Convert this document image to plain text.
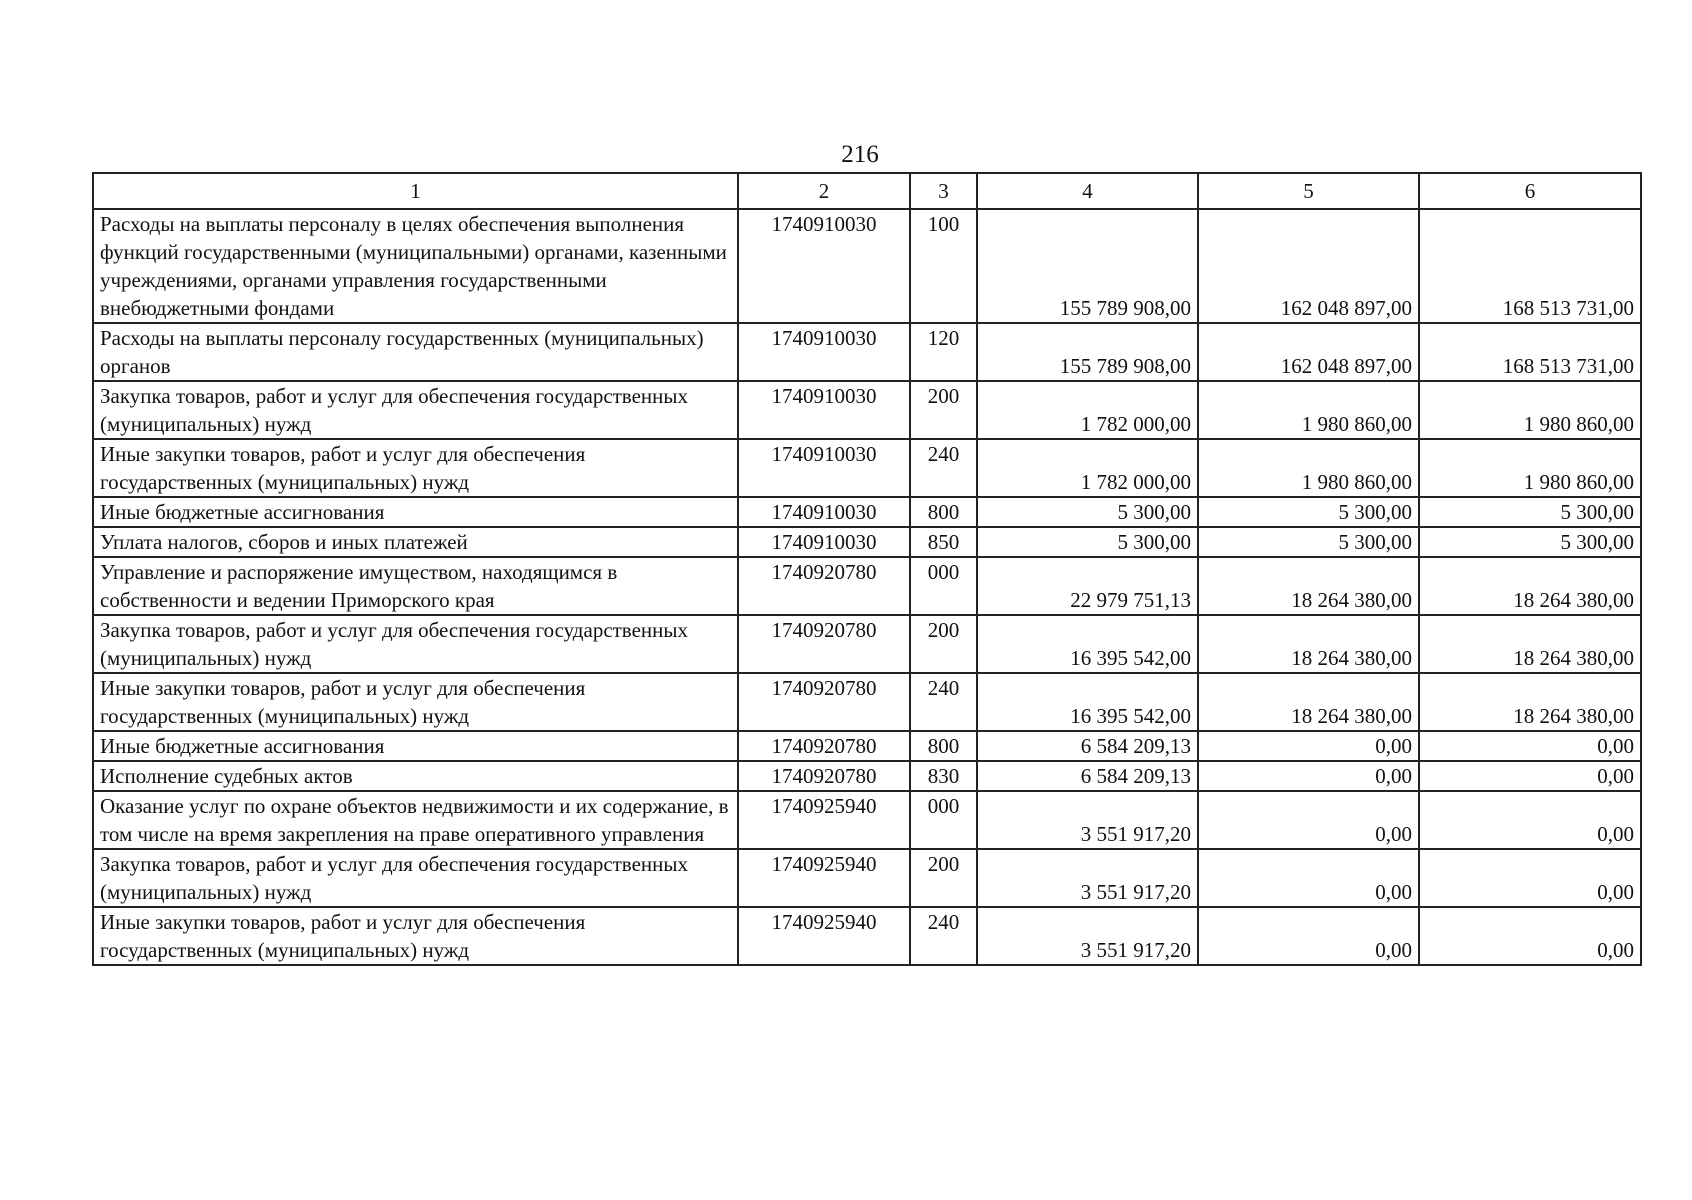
216
1	2	3	4	5	6
Расходы на выплаты персоналу в целях обеспечения выполнения функций государственными (муниципальными) органами, казенными учреждениями, органами управления государственными внебюджетными фондами	1740910030	100	155 789 908,00	162 048 897,00	168 513 731,00
Расходы на выплаты персоналу государственных (муниципальных) органов	1740910030	120	155 789 908,00	162 048 897,00	168 513 731,00
Закупка товаров, работ и услуг для обеспечения государственных (муниципальных) нужд	1740910030	200	1 782 000,00	1 980 860,00	1 980 860,00
Иные закупки товаров, работ и услуг для обеспечения государственных (муниципальных) нужд	1740910030	240	1 782 000,00	1 980 860,00	1 980 860,00
Иные бюджетные ассигнования	1740910030	800	5 300,00	5 300,00	5 300,00
Уплата налогов, сборов и иных платежей	1740910030	850	5 300,00	5 300,00	5 300,00
Управление и распоряжение имуществом, находящимся в собственности и ведении Приморского края	1740920780	000	22 979 751,13	18 264 380,00	18 264 380,00
Закупка товаров, работ и услуг для обеспечения государственных (муниципальных) нужд	1740920780	200	16 395 542,00	18 264 380,00	18 264 380,00
Иные закупки товаров, работ и услуг для обеспечения государственных (муниципальных) нужд	1740920780	240	16 395 542,00	18 264 380,00	18 264 380,00
Иные бюджетные ассигнования	1740920780	800	6 584 209,13	0,00	0,00
Исполнение судебных актов	1740920780	830	6 584 209,13	0,00	0,00
Оказание услуг по охране объектов недвижимости и их содержание, в том числе на время закрепления на праве оперативного управления	1740925940	000	3 551 917,20	0,00	0,00
Закупка товаров, работ и услуг для обеспечения государственных (муниципальных) нужд	1740925940	200	3 551 917,20	0,00	0,00
Иные закупки товаров, работ и услуг для обеспечения государственных (муниципальных) нужд	1740925940	240	3 551 917,20	0,00	0,00
